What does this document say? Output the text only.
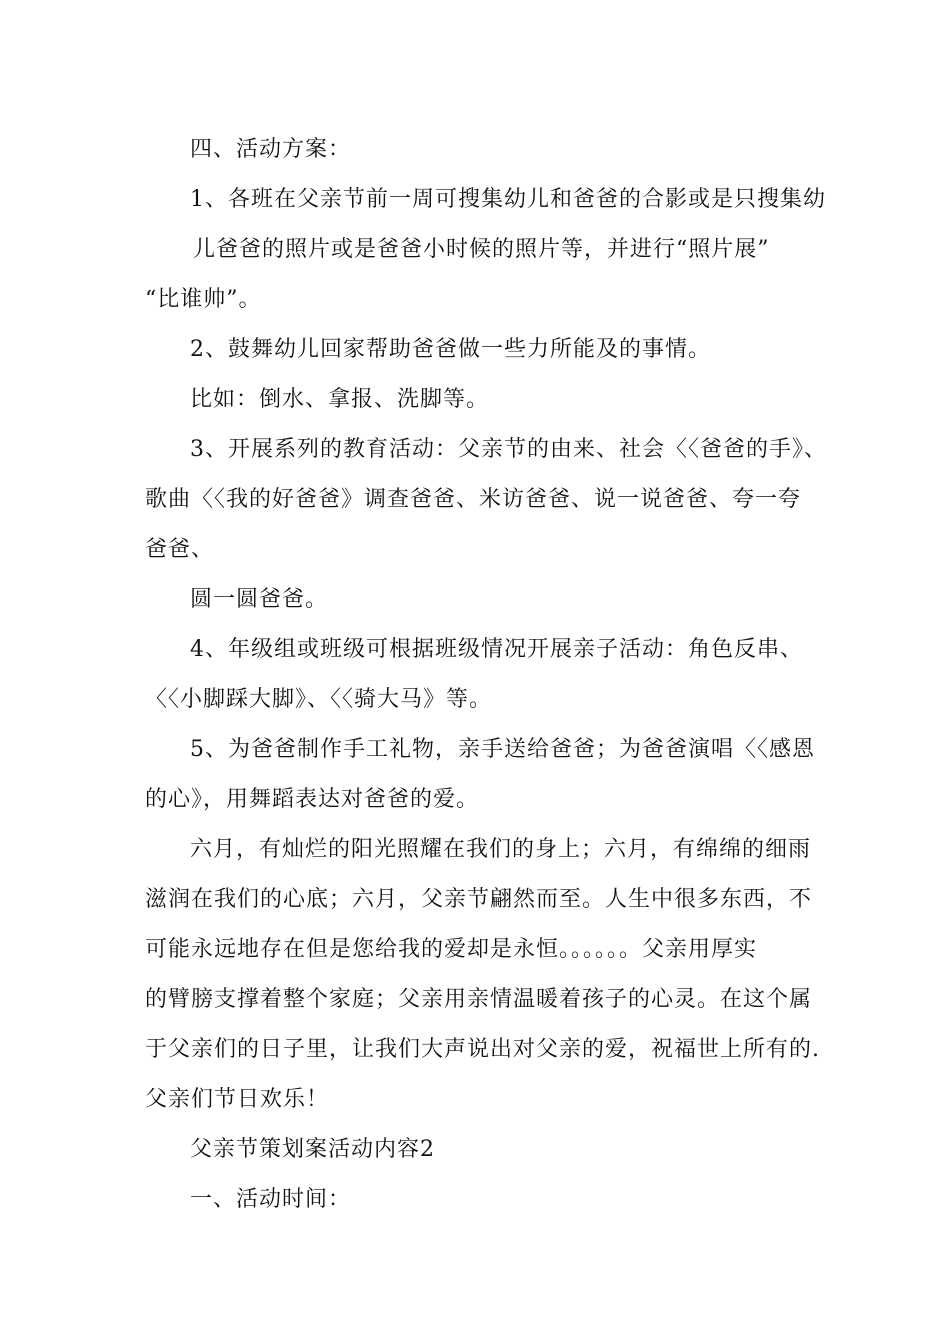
四、活动方案：

1、各班在父亲节前一周可搜集幼儿和爸爸的合影或是只搜集幼

儿爸爸的照片或是爸爸小时候的照片等，并进行“照片展”

“比谁帅”。

2、鼓舞幼儿回家帮助爸爸做一些力所能及的事情。

比如：倒水、拿报、洗脚等。

3、开展系列的教育活动：父亲节的由来、社会〈〈爸爸的手》、

歌曲〈〈我的好爸爸》调查爸爸、米访爸爸、说一说爸爸、夸一夸

爸爸、

圆一圆爸爸。

4、年级组或班级可根据班级情况开展亲子活动：角色反串、

〈〈小脚踩大脚》、〈〈骑大马》等。

5、为爸爸制作手工礼物，亲手送给爸爸；为爸爸演唱〈〈感恩

的心》，用舞蹈表达对爸爸的爱。

六月，有灿烂的阳光照耀在我们的身上；六月，有绵绵的细雨

滋润在我们的心底；六月，父亲节翩然而至。人生中很多东西，不

可能永远地存在但是您给我的爱却是永恒。。。。。。父亲用厚实

的臂膀支撑着整个家庭；父亲用亲情温暖着孩子的心灵。在这个属

于父亲们的日子里，让我们大声说出对父亲的爱，祝福世上所有的.

父亲们节日欢乐！

父亲节策划案活动内容2

一、活动时间：
